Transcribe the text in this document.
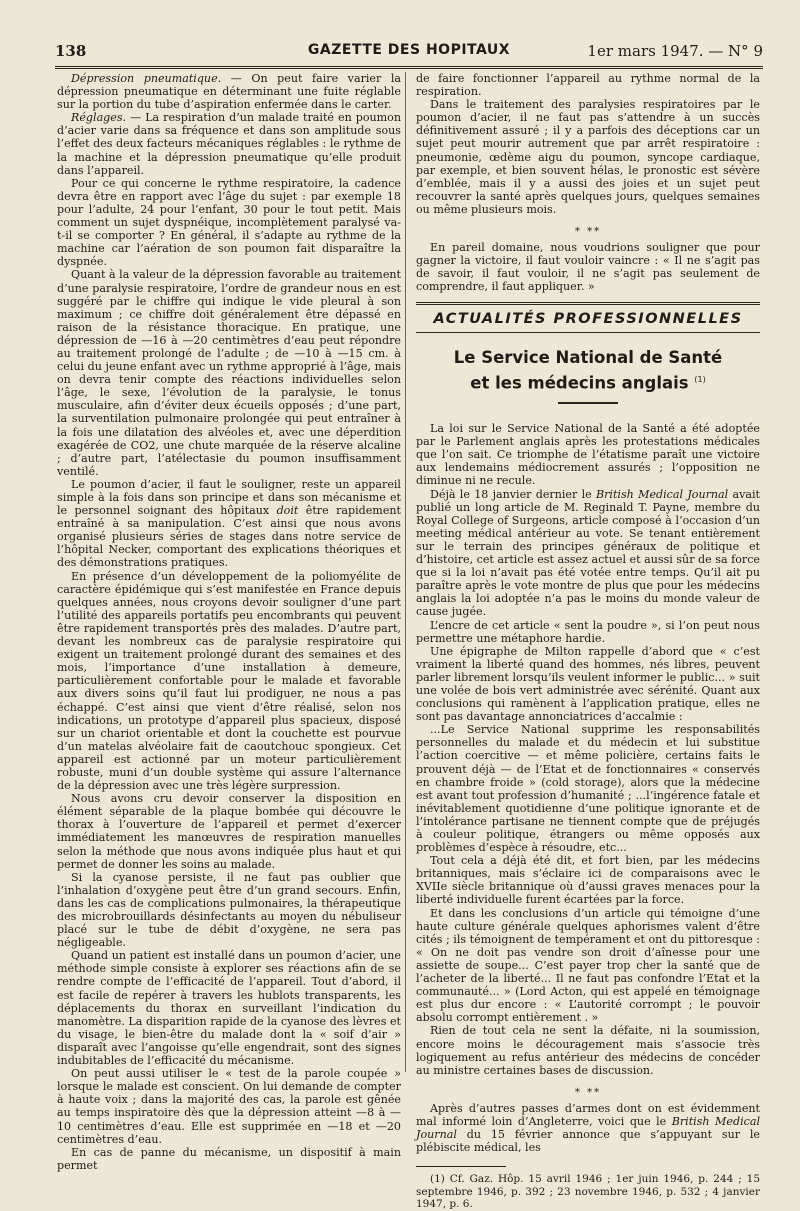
138	GAZETTE DES HOPITAUX	1er mars 1947. — N° 9

Dépression pneumatique. — On peut faire varier la dépression pneumatique en déterminant une fuite réglable sur la portion du tube d’aspiration enfermée dans le carter.

Réglages. — La respiration d’un malade traité en poumon d’acier varie dans sa fréquence et dans son amplitude sous l’effet des deux facteurs mécaniques réglables : le rythme de la machine et la dépression pneumatique qu’elle produit dans l’appareil.

Pour ce qui concerne le rythme respiratoire, la cadence devra être en rapport avec l’âge du sujet : par exemple 18 pour l’adulte, 24 pour l’enfant, 30 pour le tout petit. Mais comment un sujet dyspnéique, incomplètement paralysé va-t-il se comporter ? En général, il s’adapte au rythme de la machine car l’aération de son poumon fait disparaître la dyspnée.

Quant à la valeur de la dépression favorable au traitement d’une paralysie respiratoire, l’ordre de grandeur nous en est suggéré par le chiffre qui indique le vide pleural à son maximum ; ce chiffre doit généralement être dépassé en raison de la résistance thoracique. En pratique, une dépression de —16 à —20 centimètres d’eau peut répondre au traitement prolongé de l’adulte ; de —10 à —15 cm. à celui du jeune enfant avec un rythme approprié à l’âge, mais on devra tenir compte des réactions individuelles selon l’âge, le sexe, l’évolution de la paralysie, le tonus musculaire, afin d’éviter deux écueils opposés ; d’une part, la surventilation pulmonaire prolongée qui peut entraîner à la fois une dilatation des alvéoles et, avec une déperdition exagérée de CO2, une chute marquée de la réserve alcaline ; d’autre part, l’atélectasie du poumon insuffisamment ventilé.

Le poumon d’acier, il faut le souligner, reste un appareil simple à la fois dans son principe et dans son mécanisme et le personnel soignant des hôpitaux doit être rapidement entraîné à sa manipulation. C’est ainsi que nous avons organisé plusieurs séries de stages dans notre service de l’hôpital Necker, comportant des explications théoriques et des démonstrations pratiques.

En présence d’un développement de la poliomyélite de caractère épidémique qui s’est manifestée en France depuis quelques années, nous croyons devoir souligner d’une part l’utilité des appareils portatifs peu encombrants qui peuvent être rapidement transportés près des malades. D’autre part, devant les nombreux cas de paralysie respiratoire qui exigent un traitement prolongé durant des semaines et des mois, l’importance d’une installation à demeure, particulièrement confortable pour le malade et favorable aux divers soins qu’il faut lui prodiguer, ne nous a pas échappé. C’est ainsi que vient d’être réalisé, selon nos indications, un prototype d’appareil plus spacieux, disposé sur un chariot orientable et dont la couchette est pourvue d’un matelas alvéolaire fait de caoutchouc spongieux. Cet appareil est actionné par un moteur particulièrement robuste, muni d’un double système qui assure l’alternance de la dépression avec une très légère surpression.

Nous avons cru devoir conserver la disposition en élément séparable de la plaque bombée qui découvre le thorax à l’ouverture de l’appareil et permet d’exercer immédiatement les manœuvres de respiration manuelles selon la méthode que nous avons indiquée plus haut et qui permet de donner les soins au malade.

Si la cyanose persiste, il ne faut pas oublier que l’inhalation d’oxygène peut être d’un grand secours. Enfin, dans les cas de complications pulmonaires, la thérapeutique des microbrouillards désinfectants au moyen du nébuliseur placé sur le tube de débit d’oxygène, ne sera pas négligeable.

Quand un patient est installé dans un poumon d’acier, une méthode simple consiste à explorer ses réactions afin de se rendre compte de l’efficacité de l’appareil. Tout d’abord, il est facile de repérer à travers les hublots transparents, les déplacements du thorax en surveillant l’indication du manomètre. La disparition rapide de la cyanose des lèvres et du visage, le bien-être du malade dont la « soif d’air » disparaît avec l’angoisse qu’elle engendrait, sont des signes indubitables de l’efficacité du mécanisme.

On peut aussi utiliser le « test de la parole coupée » lorsque le malade est conscient. On lui demande de compter à haute voix ; dans la majorité des cas, la parole est gênée au temps inspiratoire dès que la dépression atteint —8 à —10 centimètres d’eau. Elle est supprimée en —18 et —20 centimètres d’eau.

En cas de panne du mécanisme, un dispositif à main permet

de faire fonctionner l’appareil au rythme normal de la respiration.

Dans le traitement des paralysies respiratoires par le poumon d’acier, il ne faut pas s’attendre à un succès définitivement assuré ; il y a parfois des déceptions car un sujet peut mourir autrement que par arrêt respiratoire : pneumonie, œdème aigu du poumon, syncope cardiaque, par exemple, et bien souvent hélas, le pronostic est sévère d’emblée, mais il y a aussi des joies et un sujet peut recouvrer la santé après quelques jours, quelques semaines ou même plusieurs mois.

⁎ ⁎⁎

En pareil domaine, nous voudrions souligner que pour gagner la victoire, il faut vouloir vaincre : « Il ne s’agit pas de savoir, il faut vouloir, il ne s’agit pas seulement de comprendre, il faut appliquer. »

ACTUALITÉS PROFESSIONNELLES
Le Service National de Santé
et les médecins anglais $^{(1)}$

La loi sur le Service National de la Santé a été adoptée par le Parlement anglais après les protestations médicales que l’on sait. Ce triomphe de l’étatisme paraît une victoire aux lendemains médiocrement assurés ; l’opposition ne diminue ni ne recule.

Déjà le 18 janvier dernier le British Medical Journal avait publié un long article de M. Reginald T. Payne, membre du Royal College of Surgeons, article composé à l’occasion d’un meeting médical antérieur au vote. Se tenant entièrement sur le terrain des principes généraux de politique et d’histoire, cet article est assez actuel et aussi sûr de sa force que si la loi n’avait pas été votée entre temps. Qu’il ait pu paraître après le vote montre de plus que pour les médecins anglais la loi adoptée n’a pas le moins du monde valeur de cause jugée.

L’encre de cet article « sent la poudre », si l’on peut nous permettre une métaphore hardie.

Une épigraphe de Milton rappelle d’abord que « c’est vraiment la liberté quand des hommes, nés libres, peuvent parler librement lorsqu’ils veulent informer le public... » suit une volée de bois vert administrée avec sérénité. Quant aux conclusions qui ramènent à l’application pratique, elles ne sont pas davantage annonciatrices d’accalmie :

...Le Service National supprime les responsabilités personnelles du malade et du médecin et lui substitue l’action coercitive — et même policière, certains faits le prouvent déjà — de l’Etat et de fonctionnaires « conservés en chambre froide » (cold storage), alors que la médecine est avant tout profession d’humanité ; ...l’ingérence fatale et inévitablement quotidienne d’une politique ignorante et de l’intolérance partisane ne tiennent compte que de préjugés à couleur politique, étrangers ou même opposés aux problèmes d’espèce à résoudre, etc...

Tout cela a déjà été dit, et fort bien, par les médecins britanniques, mais s’éclaire ici de comparaisons avec le XVIIe siècle britannique où d’aussi graves menaces pour la liberté individuelle furent écartées par la force.

Et dans les conclusions d’un article qui témoigne d’une haute culture générale quelques aphorismes valent d’être cités ; ils témoignent de tempérament et ont du pittoresque : « On ne doit pas vendre son droit d’aînesse pour une assiette de soupe... C’est payer trop cher la santé que de l’acheter de la liberté... Il ne faut pas confondre l’Etat et la communauté... » (Lord Acton, qui est appelé en témoignage est plus dur encore : « L’autorité corrompt ; le pouvoir absolu corrompt entièrement . »

Rien de tout cela ne sent la défaite, ni la soumission, encore moins le découragement mais s’associe très logiquement au refus antérieur des médecins de concéder au ministre certaines bases de discussion.

⁎ ⁎⁎

Après d’autres passes d’armes dont on est évidemment mal informé loin d’Angleterre, voici que le British Medical Journal du 15 février annonce que s’appuyant sur le plébiscite médical, les

(1) Cf. Gaz. Hôp. 15 avril 1946 ; 1er juin 1946, p. 244 ; 15 septembre 1946, p. 392 ; 23 novembre 1946, p. 532 ; 4 janvier 1947, p. 6.
